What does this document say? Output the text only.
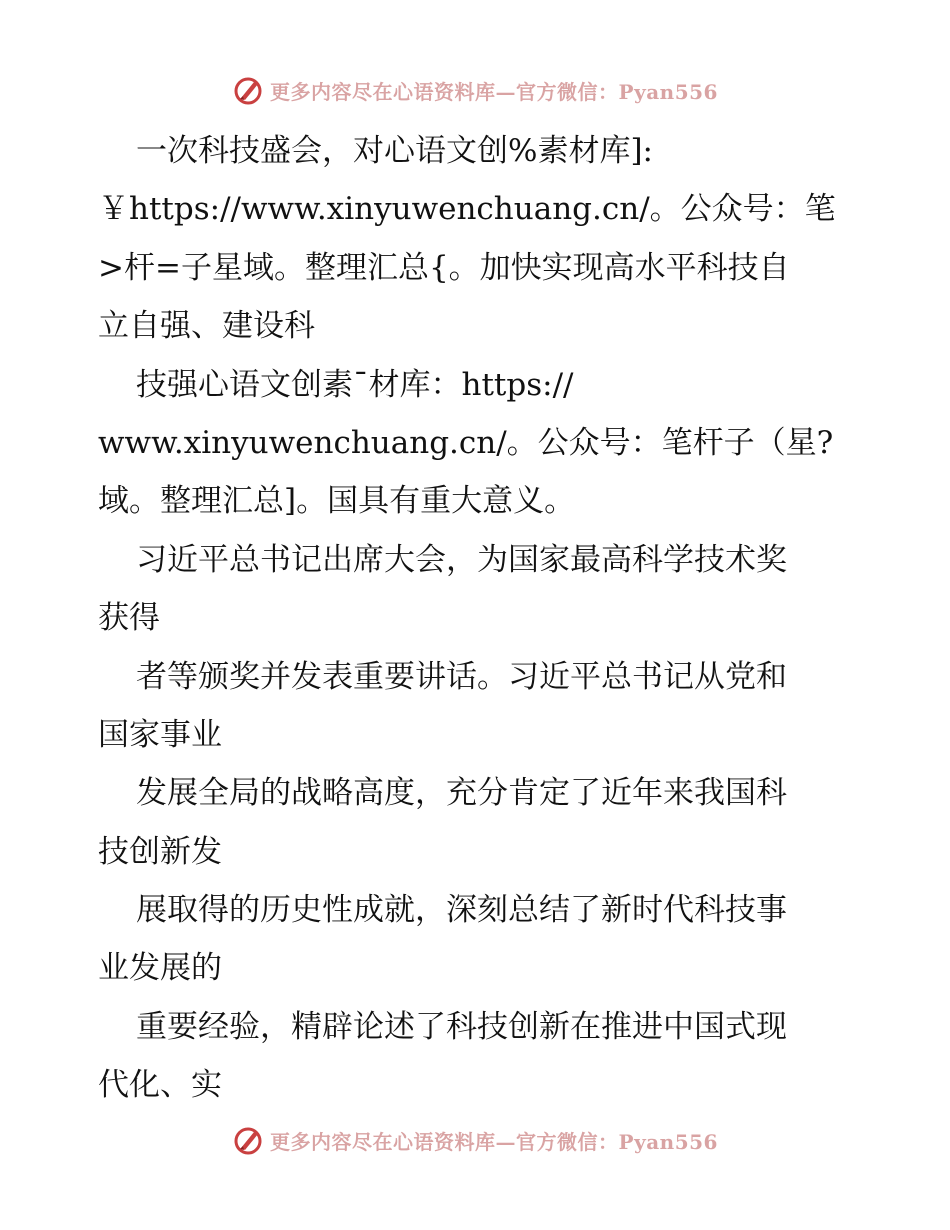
更多内容尽在心语资料库—官方微信：Pyan556
一次科技盛会，对心语文创%素材库]:
￥https://www.xinyuwenchuang.cn/。公众号：笔
>杆=子星域。整理汇总{。加快实现高水平科技自
立自强、建设科
技强心语文创素¯材库：https://
www.xinyuwenchuang.cn/。公众号：笔杆子（星?
域。整理汇总]。国具有重大意义。
习近平总书记出席大会，为国家最高科学技术奖
获得
者等颁奖并发表重要讲话。习近平总书记从党和
国家事业
发展全局的战略高度，充分肯定了近年来我国科
技创新发
展取得的历史性成就，深刻总结了新时代科技事
业发展的
重要经验，精辟论述了科技创新在推进中国式现
代化、实
更多内容尽在心语资料库—官方微信：Pyan556
